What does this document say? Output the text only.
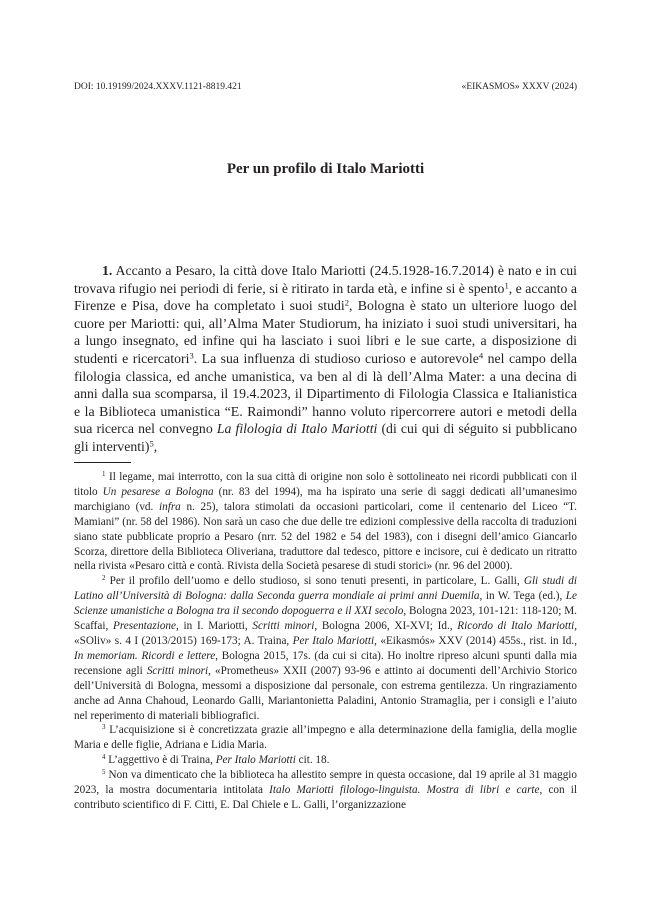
DOI: 10.19199/2024.XXXV.1121-8819.421	«EIKASMOS» XXXV (2024)
Per un profilo di Italo Mariotti

1. Accanto a Pesaro, la città dove Italo Mariotti (24.5.1928-16.7.2014) è nato e in cui trovava rifugio nei periodi di ferie, si è ritirato in tarda età, e infine si è spento$^1$, e accanto a Firenze e Pisa, dove ha completato i suoi studi$^2$, Bologna è stato un ulteriore luogo del cuore per Mariotti: qui, all’Alma Mater Studiorum, ha iniziato i suoi studi universitari, ha a lungo insegnato, ed infine qui ha lasciato i suoi libri e le sue carte, a disposizione di studenti e ricercatori$^3$. La sua influenza di studioso curioso e autorevole$^4$ nel campo della filologia classica, ed anche umanistica, va ben al di là dell’Alma Mater: a una decina di anni dalla sua scomparsa, il 19.4.2023, il Dipartimento di Filologia Classica e Italianistica e la Biblioteca umanistica “E. Raimondi” hanno voluto ripercorrere autori e metodi della sua ricerca nel convegno La filologia di Italo Mariotti (di cui qui di séguito si pubblicano gli interventi)$^5$,

$^1$ Il legame, mai interrotto, con la sua città di origine non solo è sottolineato nei ricordi pubblicati con il titolo Un pesarese a Bologna (nr. 83 del 1994), ma ha ispirato una serie di saggi dedicati all’umanesimo marchigiano (vd. infra n. 25), talora stimolati da occasioni particolari, come il centenario del Liceo “T. Mamiani” (nr. 58 del 1986). Non sarà un caso che due delle tre edizioni complessive della raccolta di traduzioni siano state pubblicate proprio a Pesaro (nrr. 52 del 1982 e 54 del 1983), con i disegni dell’amico Giancarlo Scorza, direttore della Biblioteca Oliveriana, traduttore dal tedesco, pittore e incisore, cui è dedicato un ritratto nella rivista «Pesaro città e contà. Rivista della Società pesarese di studi storici» (nr. 96 del 2000).

$^2$ Per il profilo dell’uomo e dello studioso, si sono tenuti presenti, in particolare, L. Galli, Gli studi di Latino all’Università di Bologna: dalla Seconda guerra mondiale ai primi anni Duemila, in W. Tega (ed.), Le Scienze umanistiche a Bologna tra il secondo dopoguerra e il XXI secolo, Bologna 2023, 101-121: 118-120; M. Scaffai, Presentazione, in I. Mariotti, Scritti minori, Bologna 2006, XI-XVI; Id., Ricordo di Italo Mariotti, «SOliv» s. 4 I (2013/2015) 169-173; A. Traina, Per Italo Mariotti, «Eikasmós» XXV (2014) 455s., rist. in Id., In memoriam. Ricordi e lettere, Bologna 2015, 17s. (da cui si cita). Ho inoltre ripreso alcuni spunti dalla mia recensione agli Scritti minori, «Prometheus» XXII (2007) 93-96 e attinto ai documenti dell’Archivio Storico dell’Università di Bologna, messomi a disposizione dal personale, con estrema gentilezza. Un ringraziamento anche ad Anna Chahoud, Leonardo Galli, Mariantonietta Paladini, Antonio Stramaglia, per i consigli e l’aiuto nel reperimento di materiali bibliografici.

$^3$ L’acquisizione si è concretizzata grazie all’impegno e alla determinazione della famiglia, della moglie Maria e delle figlie, Adriana e Lidia Maria.

$^4$ L’aggettivo è di Traina, Per Italo Mariotti cit. 18.

$^5$ Non va dimenticato che la biblioteca ha allestito sempre in questa occasione, dal 19 aprile al 31 maggio 2023, la mostra documentaria intitolata Italo Mariotti filologo-linguista. Mostra di libri e carte, con il contributo scientifico di F. Citti, E. Dal Chiele e L. Galli, l’organizzazione
